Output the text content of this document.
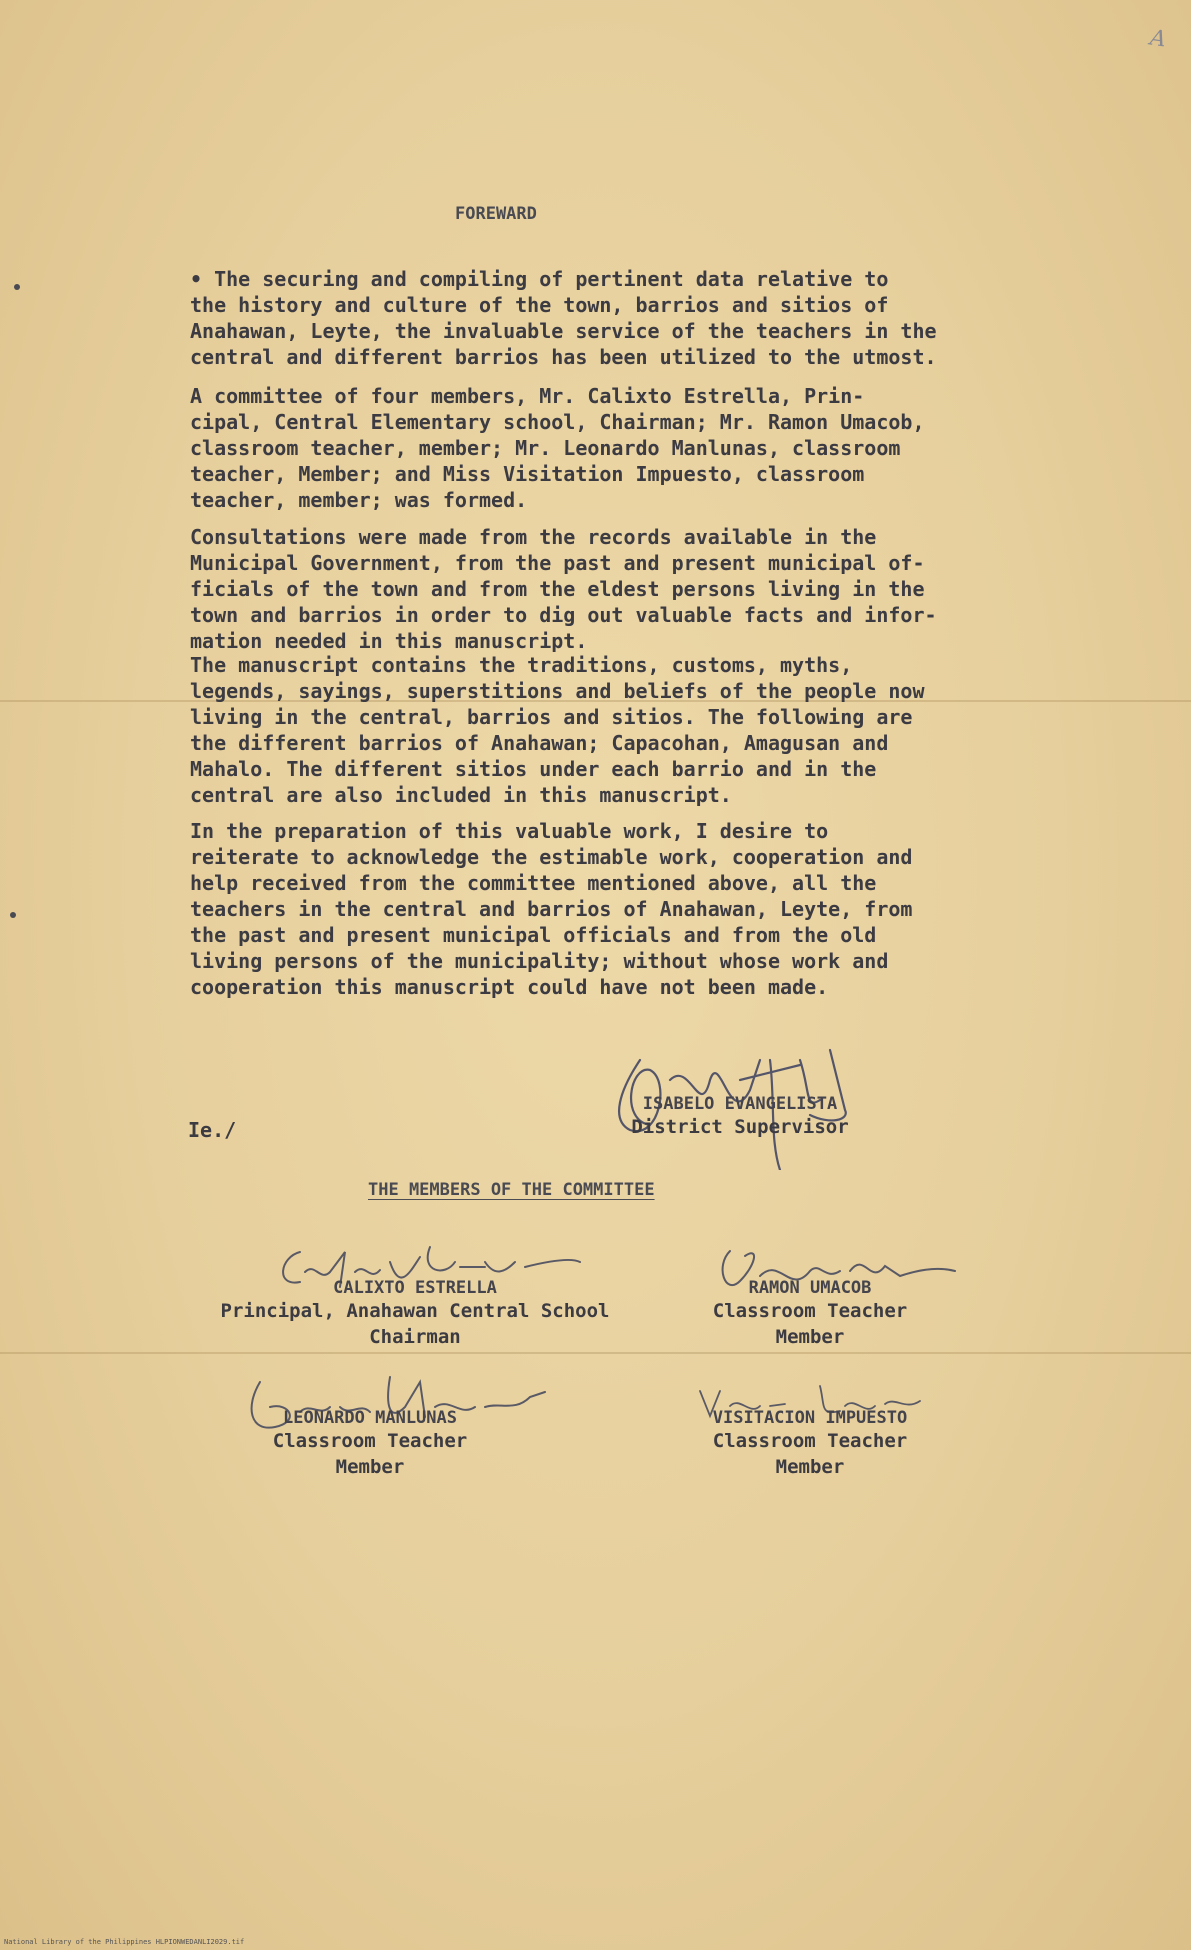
A
FOREWARD
• The securing and compiling of pertinent data relative to
the history and culture of the town, barrios and sitios of
Anahawan, Leyte, the invaluable service of the teachers in the
central and different barrios has been utilized to the utmost.
A committee of four members, Mr. Calixto Estrella, Prin-
cipal, Central Elementary school, Chairman; Mr. Ramon Umacob,
classroom teacher, member; Mr. Leonardo Manlunas, classroom
teacher, Member; and Miss Visitation Impuesto, classroom
teacher, member; was formed.
Consultations were made from the records available in the
Municipal Government, from the past and present municipal of-
ficials of the town and from the eldest persons living in the
town and barrios in order to dig out valuable facts and infor-
mation needed in this manuscript.
The manuscript contains the traditions, customs, myths,
legends, sayings, superstitions and beliefs of the people now
living in the central, barrios and sitios. The following are
the different barrios of Anahawan; Capacohan, Amagusan and
Mahalo. The different sitios under each barrio and in the
central are also included in this manuscript.
In the preparation of this valuable work, I desire to
reiterate to acknowledge the estimable work, cooperation and
help received from the committee mentioned above, all the
teachers in the central and barrios of Anahawan, Leyte, from
the past and present municipal officials and from the old
living persons of the municipality; without whose work and
cooperation this manuscript could have not been made.
ISABELO EVANGELISTA
District Supervisor
Ie./
THE MEMBERS OF THE COMMITTEE
CALIXTO ESTRELLA
Principal, Anahawan Central School
Chairman
RAMON UMACOB
Classroom Teacher
Member
LEONARDO MANLUNAS
Classroom Teacher
Member
VISITACION IMPUESTO
Classroom Teacher
Member
National Library of the Philippines HLPIONWEDANLI2029.tif
